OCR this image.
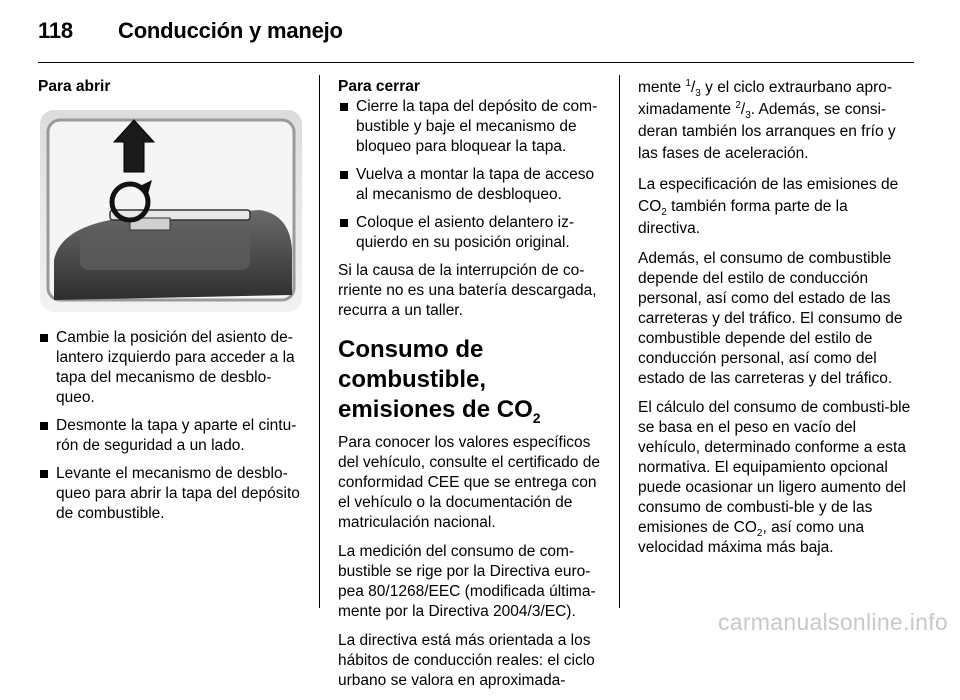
118 Conducción y manejo

Para abrir

Cambie la posición del asiento de-lantero izquierdo para acceder a la tapa del mecanismo de desblo-queo.
Desmonte la tapa y aparte el cintu-rón de seguridad a un lado.
Levante el mecanismo de desblo-queo para abrir la tapa del depósito de combustible.

Para cerrar

Cierre la tapa del depósito de com-bustible y baje el mecanismo de bloqueo para bloquear la tapa.
Vuelva a montar la tapa de acceso al mecanismo de desbloqueo.
Coloque el asiento delantero iz-quierdo en su posición original.

Si la causa de la interrupción de co-rriente no es una batería descargada, recurra a un taller.

Consumo de combustible,
emisiones de $CO_2$

Para conocer los valores específicos del vehículo, consulte el certificado de conformidad CEE que se entrega con el vehículo o la documentación de matriculación nacional.

La medición del consumo de com-bustible se rige por la Directiva euro-pea 80/1268/EEC (modificada última-mente por la Directiva 2004/3/EC).

La directiva está más orientada a los hábitos de conducción reales: el ciclo urbano se valora en aproximada-

mente $^1/_3$ y el ciclo extraurbano apro-ximadamente $^2/_3$. Además, se consi-deran también los arranques en frío y las fases de aceleración.

La especificación de las emisiones de $CO_2$ también forma parte de la directiva.

Además, el consumo de combustible depende del estilo de conducción personal, así como del estado de las carreteras y del tráfico. El consumo de combustible depende del estilo de conducción personal, así como del estado de las carreteras y del tráfico.

El cálculo del consumo de combusti-ble se basa en el peso en vacío del vehículo, determinado conforme a esta normativa. El equipamiento opcional puede ocasionar un ligero aumento del consumo de combusti-ble y de las emisiones de $CO_2$, así como una velocidad máxima más baja.

carmanualsonline.info
